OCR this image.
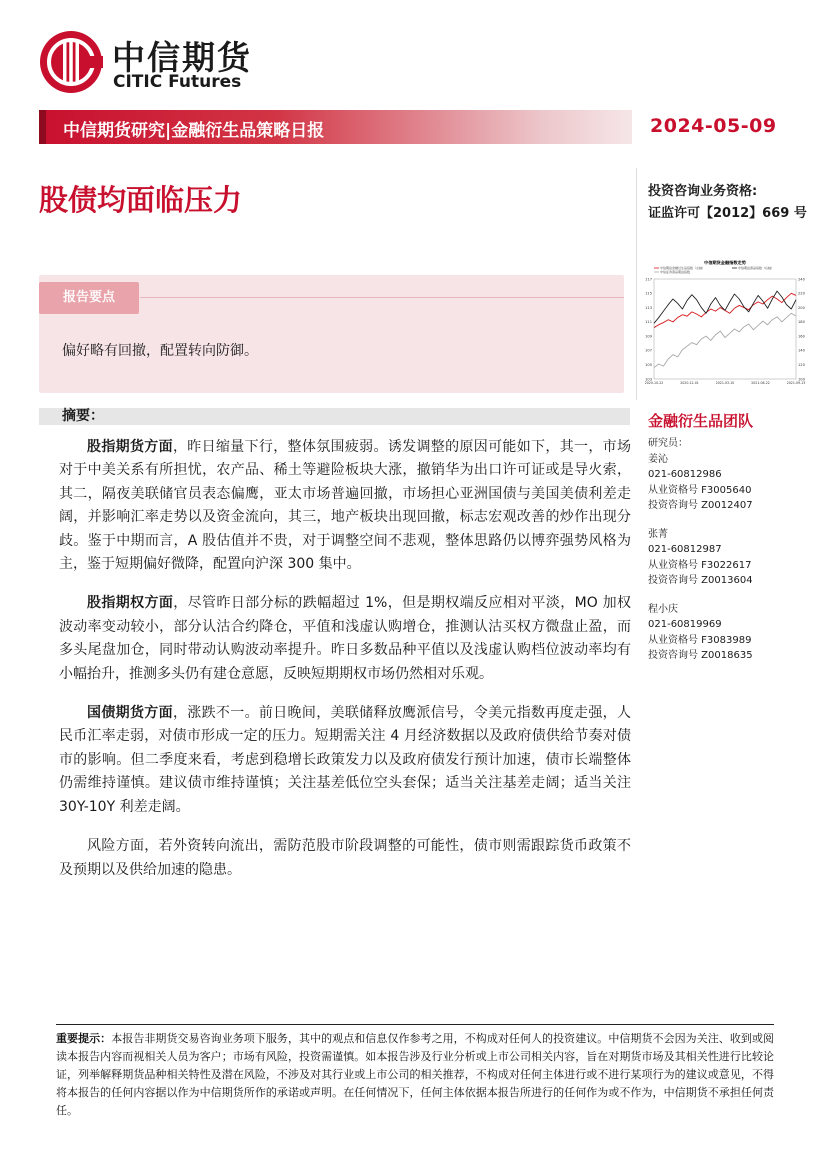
中信期货
CITIC Futures
中信期货研究|金融衍生品策略日报	2024-05-09
股债均面临压力	投资咨询业务资格:
证监许可【2012】669 号
报告要点
偏好略有回撤，配置转向防御。
中信期货金融指数走势
中信期货金融衍生品指数（左轴）	中信期货商品指数（右轴）
中信证券商品期货指数
117
115
113
111
109
107
105
103
240
220
200
180
160
140
120
100
2020-10-22	2020-12-01	2021-03-10	2021-06-22	2021-09-13
摘要：

股指期货方面，昨日缩量下行，整体氛围疲弱。诱发调整的原因可能如下，其一，市场对于中美关系有所担忧，农产品、稀土等避险板块大涨，撤销华为出口许可证或是导火索，其二，隔夜美联储官员表态偏鹰，亚太市场普遍回撤，市场担心亚洲国债与美国美债利差走阔，并影响汇率走势以及资金流向，其三，地产板块出现回撤，标志宏观改善的炒作出现分歧。鉴于中期而言，A 股估值并不贵，对于调整空间不悲观，整体思路仍以博弈强势风格为主，鉴于短期偏好微降，配置向沪深 300 集中。

股指期权方面，尽管昨日部分标的跌幅超过 1%，但是期权端反应相对平淡，MO 加权波动率变动较小，部分认沽合约降仓，平值和浅虚认购增仓，推测认沽买权方微盘止盈，而多头尾盘加仓，同时带动认购波动率提升。昨日多数品种平值以及浅虚认购档位波动率均有小幅抬升，推测多头仍有建仓意愿，反映短期期权市场仍然相对乐观。

国债期货方面，涨跌不一。前日晚间，美联储释放鹰派信号，令美元指数再度走强，人民币汇率走弱，对债市形成一定的压力。短期需关注 4 月经济数据以及政府债供给节奏对债市的影响。但二季度来看，考虑到稳增长政策发力以及政府债发行预计加速，债市长端整体仍需维持谨慎。建议债市维持谨慎；关注基差低位空头套保；适当关注基差走阔；适当关注 30Y-10Y 利差走阔。

风险方面，若外资转向流出，需防范股市阶段调整的可能性，债市则需跟踪货币政策不及预期以及供给加速的隐患。

金融衍生品团队
研究员：
姜沁
021-60812986
从业资格号 F3005640
投资咨询号 Z0012407
张菁
021-60812987
从业资格号 F3022617
投资咨询号 Z0013604
程小庆
021-60819969
从业资格号 F3083989
投资咨询号 Z0018635
重要提示：本报告非期货交易咨询业务项下服务，其中的观点和信息仅作参考之用，不构成对任何人的投资建议。中信期货不会因为关注、收到或阅读本报告内容而视相关人员为客户；市场有风险，投资需谨慎。如本报告涉及行业分析或上市公司相关内容，旨在对期货市场及其相关性进行比较论证，列举解释期货品种相关特性及潜在风险，不涉及对其行业或上市公司的相关推荐，不构成对任何主体进行或不进行某项行为的建议或意见，不得将本报告的任何内容据以作为中信期货所作的承诺或声明。在任何情况下，任何主体依据本报告所进行的任何作为或不作为，中信期货不承担任何责任。
